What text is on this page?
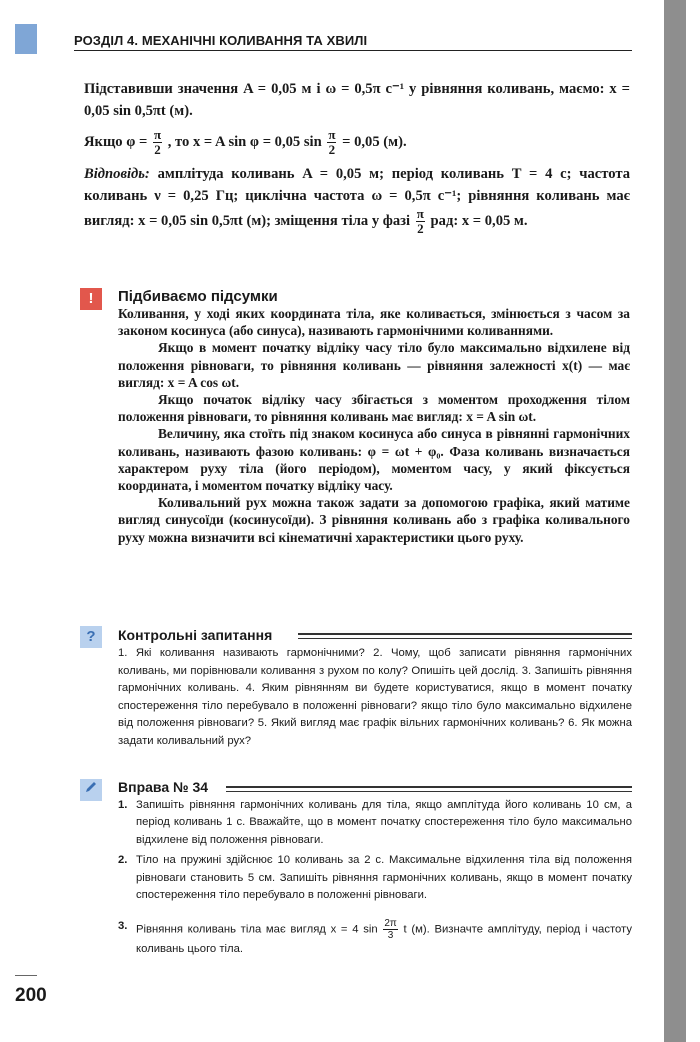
РОЗДІЛ 4. МЕХАНІЧНІ КОЛИВАННЯ ТА ХВИЛІ

Підставивши значення A = 0,05 м і ω = 0,5π с⁻¹ у рівняння коливань, маємо: x = 0,05 sin 0,5πt (м).

Якщо $\varphi = \frac{\pi}{2}$ , то x = A sin φ = 0,05 $\sin \frac{\pi}{2} = 0,05$ (м).

Відповідь: амплітуда коливань A = 0,05 м; період коливань T = 4 с; частота коливань ν = 0,25 Гц; циклічна частота ω = 0,5π с⁻¹; рівняння коливань має вигляд: x = 0,05 sin 0,5πt (м); зміщення тіла у фазі $\frac{\pi}{2}$ рад: x = 0,05 м.

!	Підбиваємо підсумки

Коливання, у ході яких координата тіла, яке коливається, змінюється з часом за законом косинуса (або синуса), називають гармонічними коливаннями.

Якщо в момент початку відліку часу тіло було максимально відхилене від положення рівноваги, то рівняння коливань — рівняння залежності x(t) — має вигляд: x = A cos ωt.

Якщо початок відліку часу збігається з моментом проходження тілом положення рівноваги, то рівняння коливань має вигляд: x = A sin ωt.

Величину, яка стоїть під знаком косинуса або синуса в рівнянні гармонічних коливань, називають фазою коливань: φ = ωt + φ₀. Фаза коливань визначається характером руху тіла (його періодом), моментом часу, у який фіксується координата, і моментом початку відліку часу.

Коливальний рух можна також задати за допомогою графіка, який матиме вигляд синусоїди (косинусоїди). З рівняння коливань або з графіка коливального руху можна визначити всі кінематичні характеристики цього руху.

?	Контрольні запитання
1. Які коливання називають гармонічними? 2. Чому, щоб записати рівняння гармонічних коливань, ми порівнювали коливання з рухом по колу? Опишіть цей дослід. 3. Запишіть рівняння гармонічних коливань. 4. Яким рівнянням ви будете користуватися, якщо в момент початку спостереження тіло перебувало в положенні рівноваги? якщо тіло було максимально відхилене від положення рівноваги? 5. Який вигляд має графік вільних гармонічних коливань? 6. Як можна задати коливальний рух?
Вправа № 34
1. Запишіть рівняння гармонічних коливань для тіла, якщо амплітуда його коливань 10 см, а період коливань 1 с. Вважайте, що в момент початку спостереження тіло було максимально відхилене від положення рівноваги.
2. Тіло на пружині здійснює 10 коливань за 2 с. Максимальне відхилення тіла від положення рівноваги становить 5 см. Запишіть рівняння гармонічних коливань, якщо в момент початку спостереження тіло перебувало в положенні рівноваги.
3. Рівняння коливань тіла має вигляд x = 4 $\sin \frac{2\pi}{3}$ t (м). Визначте амплітуду, період і частоту коливань цього тіла.
200
